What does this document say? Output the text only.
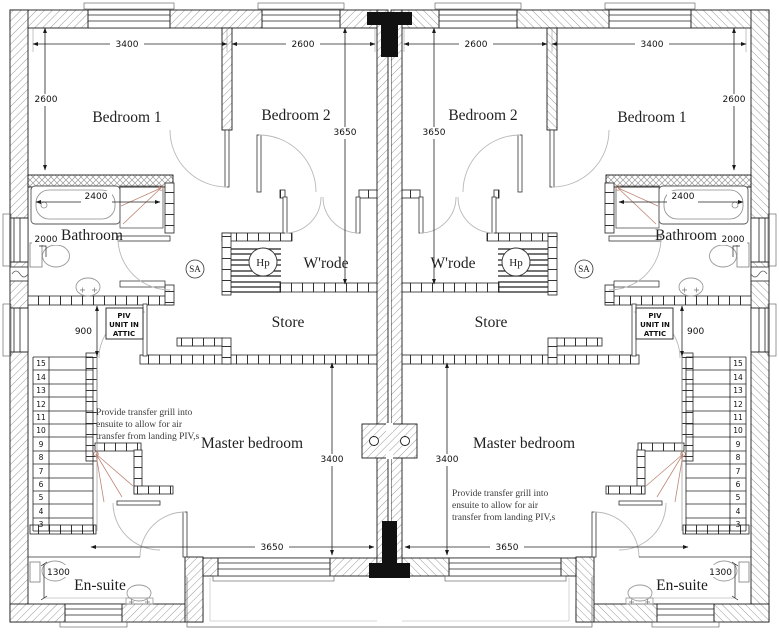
Bedroom 1	Bedroom 2	Bedroom 2	Bedroom 1
Bathroom	Bathroom
W'rode	W'rode
Store	Store
Master bedroom	Master bedroom
En-suite	En-suite
SA	SA
Hp	Hp
PIV
UNIT IN
ATTIC
PIV
UNIT IN
ATTIC
Provide transfer grill into
ensuite to allow for air
transfer from landing PIV,s
Provide transfer grill into
ensuite to allow for air
transfer from landing PIV,s
3400	2600	2600	3400
2600	2600
3650	3650
2400	2400
2000	2000
900	900
3400	3400
3650	3650
1300	1300
15
14
13
12
11
10
9
8
7
6
5
4
3
15
14
13
12
11
10
9
8
7
6
5
4
3
